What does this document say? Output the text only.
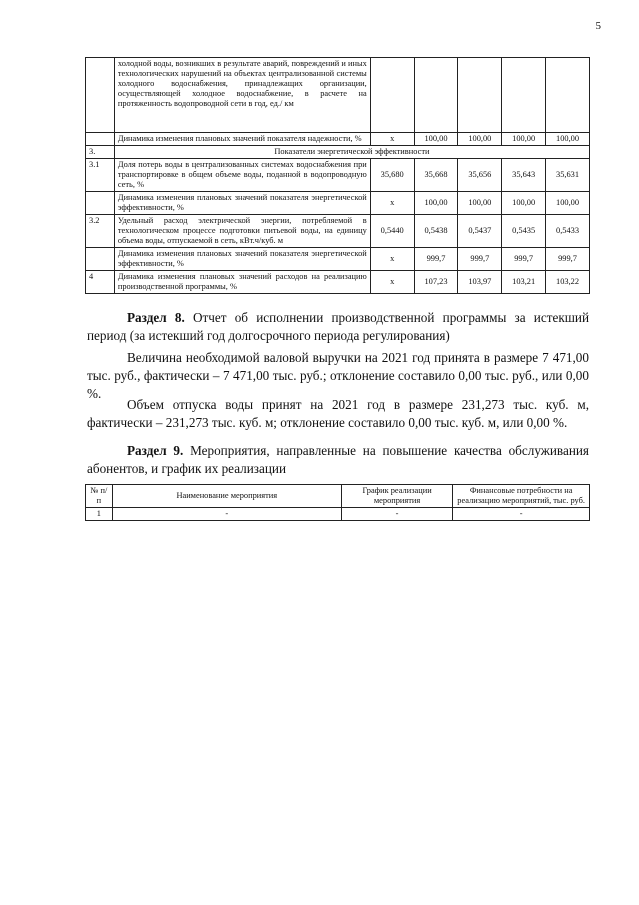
5
	холодной воды, возникших в результате аварий, повреждений и иных технологических нарушений на объектах централизованной системы холодного водоснабжения, принадлежащих организации, осуществляющей холодное водоснабжение, в расчете на протяженность водопроводной сети в год, ед./ км					
	Динамика изменения плановых значений показателя надежности, %	x	100,00	100,00	100,00	100,00
3.	Показатели энергетической эффективности					
3.1	Доля потерь воды в централизованных системах водоснабжения при транспортировке в общем объеме воды, поданной в водопроводную сеть, %	35,680	35,668	35,656	35,643	35,631
	Динамика изменения плановых значений показателя энергетической эффективности, %	x	100,00	100,00	100,00	100,00
3.2	Удельный расход электрической энергии, потребляемой в технологическом процессе подготовки питьевой воды, на единицу объема воды, отпускаемой в сеть, кВт.ч/куб. м	0,5440	0,5438	0,5437	0,5435	0,5433
	Динамика изменения плановых значений показателя энергетической эффективности, %	x	999,7	999,7	999,7	999,7
4	Динамика изменения плановых значений расходов на реализацию производственной программы, %	x	107,23	103,97	103,21	103,22

Раздел 8. Отчет об исполнении производственной программы за истекший период (за истекший год долгосрочного периода регулирования)

Величина необходимой валовой выручки на 2021 год принята в размере 7 471,00 тыс. руб., фактически – 7 471,00 тыс. руб.; отклонение составило 0,00 тыс. руб., или 0,00 %.

Объем отпуска воды принят на 2021 год в размере 231,273 тыс. куб. м, фактически – 231,273 тыс. куб. м; отклонение составило 0,00 тыс. куб. м, или 0,00 %.

Раздел 9. Мероприятия, направленные на повышение качества обслуживания абонентов, и график их реализации

№ п/п	Наименование мероприятия	График реализации мероприятия	Финансовые потребности на реализацию мероприятий, тыс. руб.
1	-	-	-
